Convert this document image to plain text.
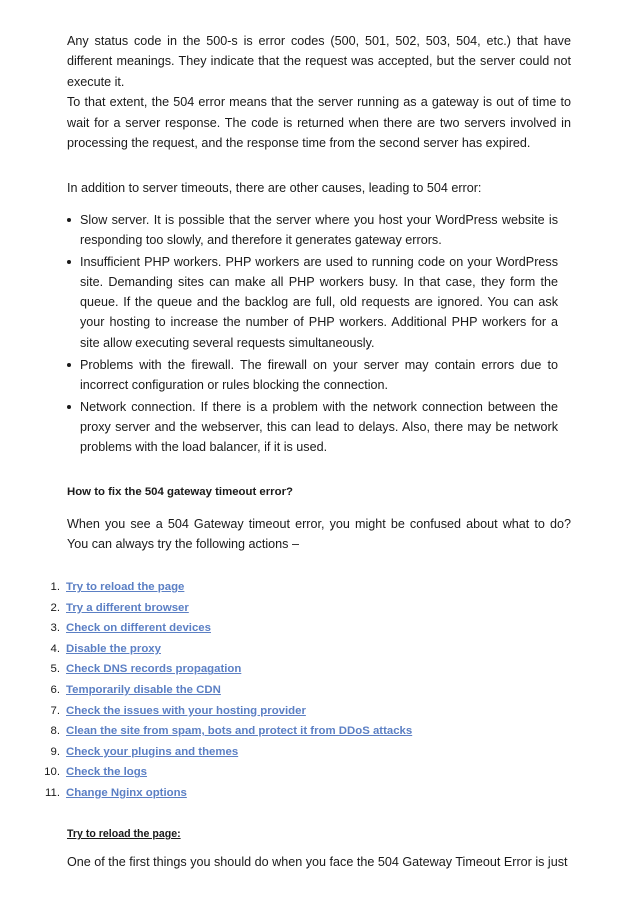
Any status code in the 500-s is error codes (500, 501, 502, 503, 504, etc.) that have different meanings. They indicate that the request was accepted, but the server could not execute it.

To that extent, the 504 error means that the server running as a gateway is out of time to wait for a server response. The code is returned when there are two servers involved in processing the request, and the response time from the second server has expired.

In addition to server timeouts, there are other causes, leading to 504 error:

Slow server. It is possible that the server where you host your WordPress website is responding too slowly, and therefore it generates gateway errors.
Insufficient PHP workers. PHP workers are used to running code on your WordPress site. Demanding sites can make all PHP workers busy. In that case, they form the queue. If the queue and the backlog are full, old requests are ignored. You can ask your hosting to increase the number of PHP workers. Additional PHP workers for a site allow executing several requests simultaneously.
Problems with the firewall. The firewall on your server may contain errors due to incorrect configuration or rules blocking the connection.
Network connection. If there is a problem with the network connection between the proxy server and the webserver, this can lead to delays. Also, there may be network problems with the load balancer, if it is used.
How to fix the 504 gateway timeout error?

When you see a 504 Gateway timeout error, you might be confused about what to do? You can always try the following actions –

1. Try to reload the page
2. Try a different browser
3. Check on different devices
4. Disable the proxy
5. Check DNS records propagation
6. Temporarily disable the CDN
7. Check the issues with your hosting provider
8. Clean the site from spam, bots and protect it from DDoS attacks
9. Check your plugins and themes
10. Check the logs
11. Change Nginx options
Try to reload the page:

One of the first things you should do when you face the 504 Gateway Timeout Error is just
